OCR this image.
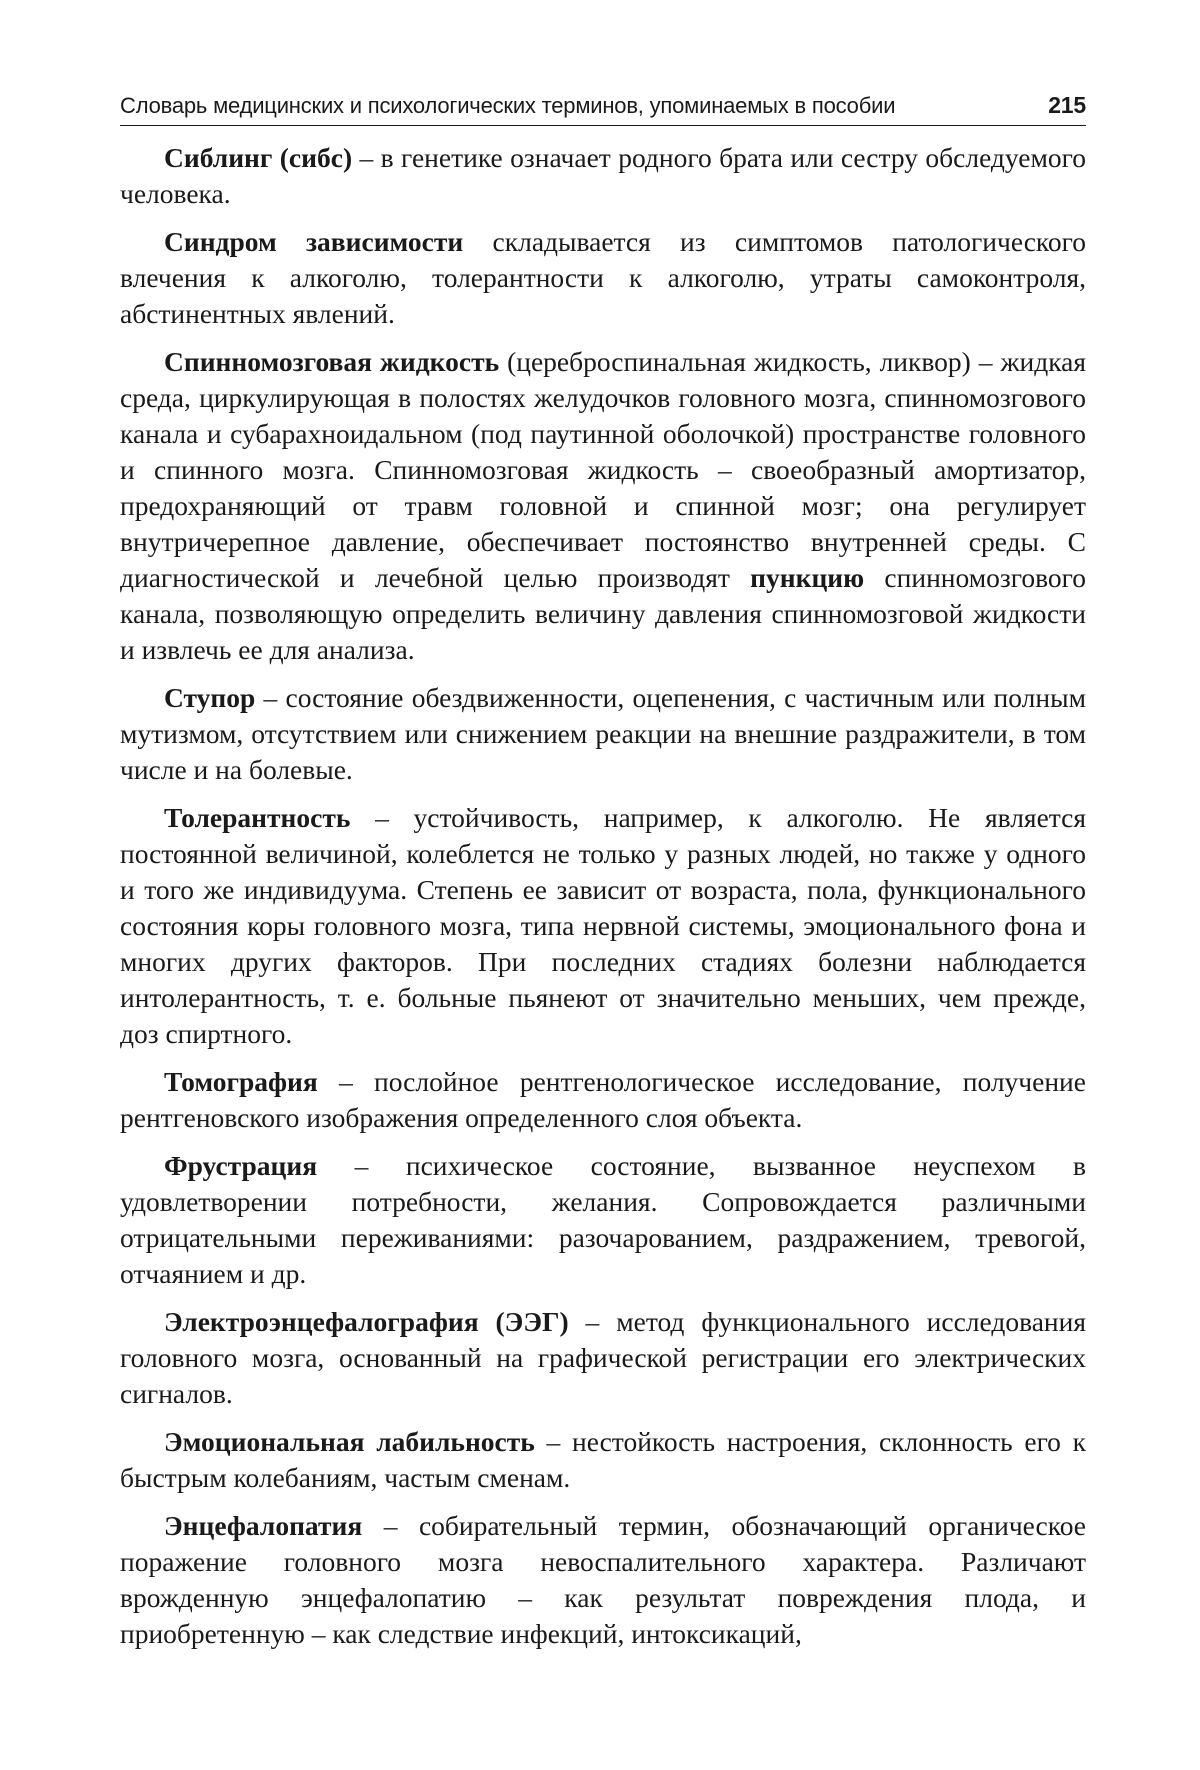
Словарь медицинских и психологических терминов, упоминаемых в пособии	215

Сиблинг (сибс) – в генетике означает родного брата или сестру обследуемого человека.

Синдром зависимости складывается из симптомов патологического влечения к алкоголю, толерантности к алкоголю, утраты самоконтроля, абстинентных явлений.

Спинномозговая жидкость (цереброспинальная жидкость, ликвор) – жидкая среда, циркулирующая в полостях желудочков головного мозга, спинномозгового канала и субарахноидальном (под паутинной оболочкой) пространстве головного и спинного мозга. Спинномозговая жидкость – своеобразный амортизатор, предохраняющий от травм головной и спинной мозг; она регулирует внутричерепное давление, обеспечивает постоянство внутренней среды. С диагностической и лечебной целью производят пункцию спинномозгового канала, позволяющую определить величину давления спинномозговой жидкости и извлечь ее для анализа.

Ступор – состояние обездвиженности, оцепенения, с частичным или полным мутизмом, отсутствием или снижением реакции на внешние раздражители, в том числе и на болевые.

Толерантность – устойчивость, например, к алкоголю. Не является постоянной величиной, колеблется не только у разных людей, но также у одного и того же индивидуума. Степень ее зависит от возраста, пола, функционального состояния коры головного мозга, типа нервной системы, эмоционального фона и многих других факторов. При последних стадиях болезни наблюдается интолерантность, т. е. больные пьянеют от значительно меньших, чем прежде, доз спиртного.

Томография – послойное рентгенологическое исследование, получение рентгеновского изображения определенного слоя объекта.

Фрустрация – психическое состояние, вызванное неуспехом в удовлетворении потребности, желания. Сопровождается различными отрицательными переживаниями: разочарованием, раздражением, тревогой, отчаянием и др.

Электроэнцефалография (ЭЭГ) – метод функционального исследования головного мозга, основанный на графической регистрации его электрических сигналов.

Эмоциональная лабильность – нестойкость настроения, склонность его к быстрым колебаниям, частым сменам.

Энцефалопатия – собирательный термин, обозначающий органическое поражение головного мозга невоспалительного характера. Различают врожденную энцефалопатию – как результат повреждения плода, и приобретенную – как следствие инфекций, интоксикаций,
